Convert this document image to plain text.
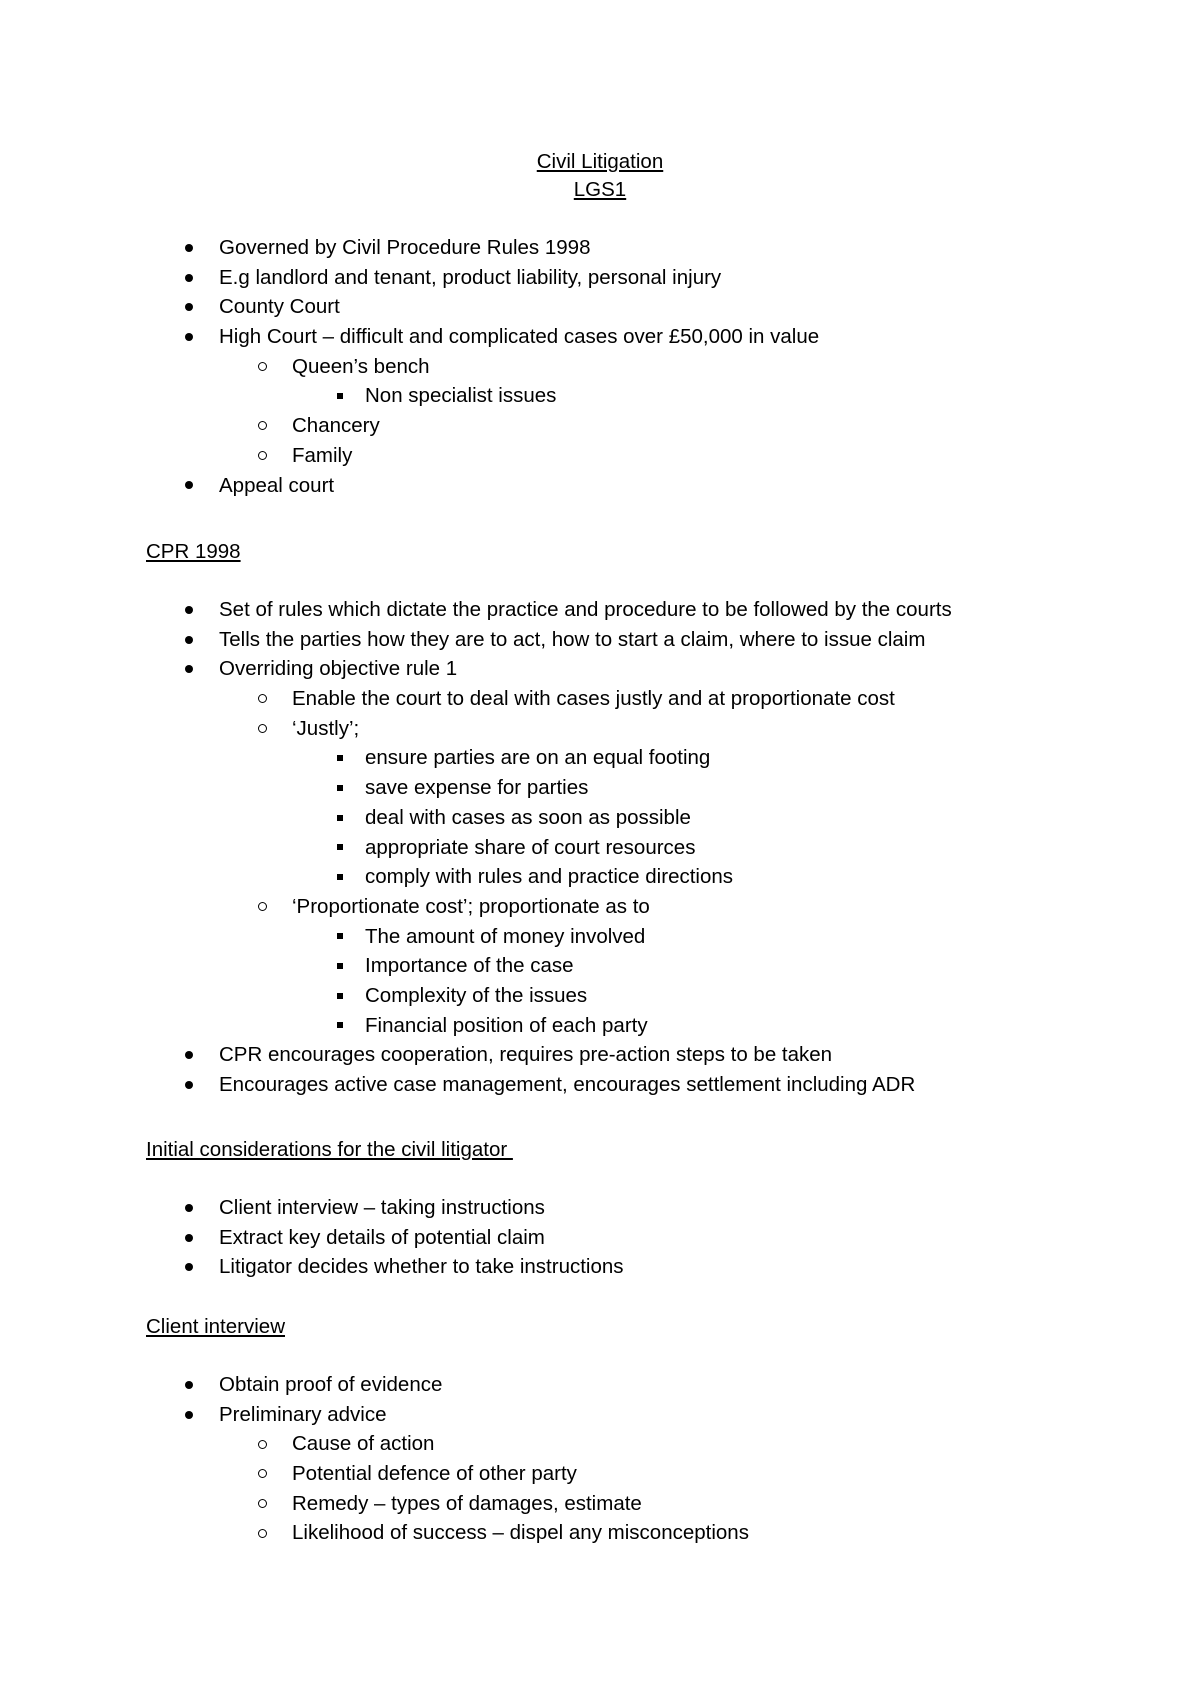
Civil Litigation
LGS1
Governed by Civil Procedure Rules 1998
E.g landlord and tenant, product liability, personal injury
County Court
High Court – difficult and complicated cases over £50,000 in value
Queen’s bench
Non specialist issues
Chancery
Family
Appeal court
CPR 1998
Set of rules which dictate the practice and procedure to be followed by the courts
Tells the parties how they are to act, how to start a claim, where to issue claim
Overriding objective rule 1
Enable the court to deal with cases justly and at proportionate cost
‘Justly’;
ensure parties are on an equal footing
save expense for parties
deal with cases as soon as possible
appropriate share of court resources
comply with rules and practice directions
‘Proportionate cost’; proportionate as to
The amount of money involved
Importance of the case
Complexity of the issues
Financial position of each party
CPR encourages cooperation, requires pre-action steps to be taken
Encourages active case management, encourages settlement including ADR
Initial considerations for the civil litigator
Client interview – taking instructions
Extract key details of potential claim
Litigator decides whether to take instructions
Client interview
Obtain proof of evidence
Preliminary advice
Cause of action
Potential defence of other party
Remedy – types of damages, estimate
Likelihood of success – dispel any misconceptions
